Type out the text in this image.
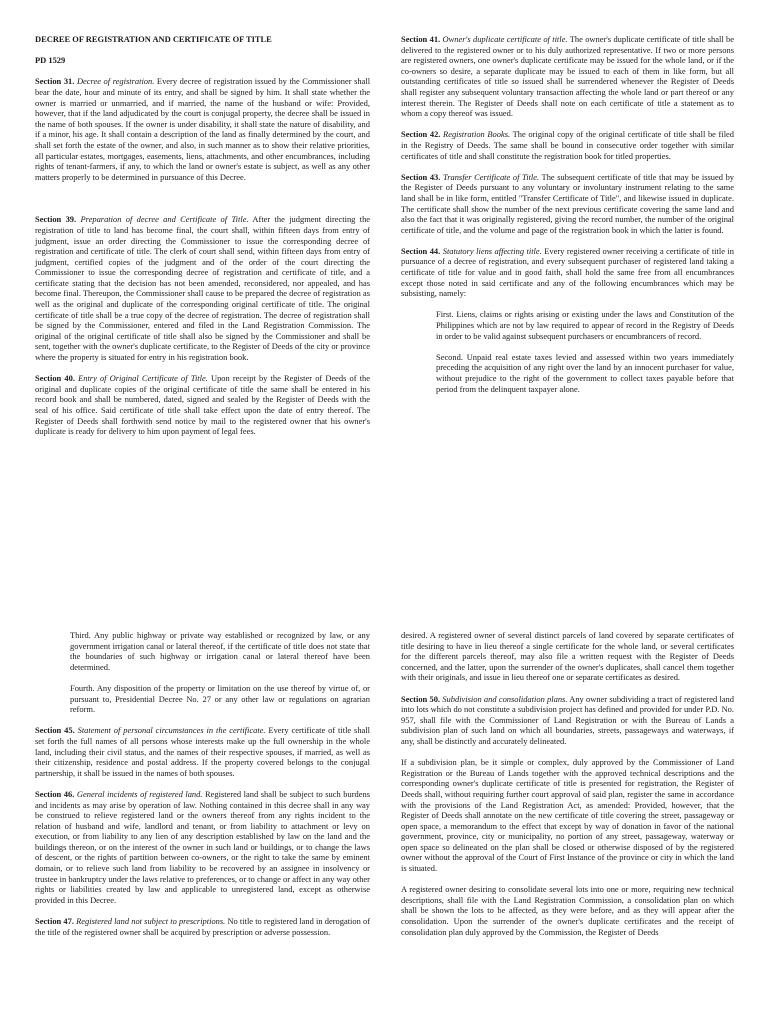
DECREE OF REGISTRATION AND CERTIFICATE OF TITLE
PD 1529

Section 31. Decree of registration. Every decree of registration issued by the Commissioner shall bear the date, hour and minute of its entry, and shall be signed by him. It shall state whether the owner is married or unmarried, and if married, the name of the husband or wife: Provided, however, that if the land adjudicated by the court is conjugal property, the decree shall be issued in the name of both spouses. If the owner is under disability, it shall state the nature of disability, and if a minor, his age. It shall contain a description of the land as finally determined by the court, and shall set forth the estate of the owner, and also, in such manner as to show their relative priorities, all particular estates, mortgages, easements, liens, attachments, and other encumbrances, including rights of tenant-farmers, if any, to which the land or owner's estate is subject, as well as any other matters properly to be determined in pursuance of this Decree.

Section 39. Preparation of decree and Certificate of Title. After the judgment directing the registration of title to land has become final, the court shall, within fifteen days from entry of judgment, issue an order directing the Commissioner to issue the corresponding decree of registration and certificate of title. The clerk of court shall send, within fifteen days from entry of judgment, certified copies of the judgment and of the order of the court directing the Commissioner to issue the corresponding decree of registration and certificate of title, and a certificate stating that the decision has not been amended, reconsidered, nor appealed, and has become final. Thereupon, the Commissioner shall cause to be prepared the decree of registration as well as the original and duplicate of the corresponding original certificate of title. The original certificate of title shall be a true copy of the decree of registration. The decree of registration shall be signed by the Commissioner, entered and filed in the Land Registration Commission. The original of the original certificate of title shall also be signed by the Commissioner and shall be sent, together with the owner's duplicate certificate, to the Register of Deeds of the city or province where the property is situated for entry in his registration book.

Section 40. Entry of Original Certificate of Title. Upon receipt by the Register of Deeds of the original and duplicate copies of the original certificate of title the same shall be entered in his record book and shall be numbered, dated, signed and sealed by the Register of Deeds with the seal of his office. Said certificate of title shall take effect upon the date of entry thereof. The Register of Deeds shall forthwith send notice by mail to the registered owner that his owner's duplicate is ready for delivery to him upon payment of legal fees.

Section 41. Owner's duplicate certificate of title. The owner's duplicate certificate of title shall be delivered to the registered owner or to his duly authorized representative. If two or more persons are registered owners, one owner's duplicate certificate may be issued for the whole land, or if the co-owners so desire, a separate duplicate may be issued to each of them in like form, but all outstanding certificates of title so issued shall be surrendered whenever the Register of Deeds shall register any subsequent voluntary transaction affecting the whole land or part thereof or any interest therein. The Register of Deeds shall note on each certificate of title a statement as to whom a copy thereof was issued.

Section 42. Registration Books. The original copy of the original certificate of title shall be filed in the Registry of Deeds. The same shall be bound in consecutive order together with similar certificates of title and shall constitute the registration book for titled properties.

Section 43. Transfer Certificate of Title. The subsequent certificate of title that may be issued by the Register of Deeds pursuant to any voluntary or involuntary instrument relating to the same land shall be in like form, entitled "Transfer Certificate of Title", and likewise issued in duplicate. The certificate shall show the number of the next previous certificate covering the same land and also the fact that it was originally registered, giving the record number, the number of the original certificate of title, and the volume and page of the registration book in which the latter is found.

Section 44. Statutory liens affecting title. Every registered owner receiving a certificate of title in pursuance of a decree of registration, and every subsequent purchaser of registered land taking a certificate of title for value and in good faith, shall hold the same free from all encumbrances except those noted in said certificate and any of the following encumbrances which may be subsisting, namely:

First. Liens, claims or rights arising or existing under the laws and Constitution of the Philippines which are not by law required to appear of record in the Registry of Deeds in order to be valid against subsequent purchasers or encumbrancers of record.

Second. Unpaid real estate taxes levied and assessed within two years immediately preceding the acquisition of any right over the land by an innocent purchaser for value, without prejudice to the right of the government to collect taxes payable before that period from the delinquent taxpayer alone.

Third. Any public highway or private way established or recognized by law, or any government irrigation canal or lateral thereof, if the certificate of title does not state that the boundaries of such highway or irrigation canal or lateral thereof have been determined.

Fourth. Any disposition of the property or limitation on the use thereof by virtue of, or pursuant to, Presidential Decree No. 27 or any other law or regulations on agrarian reform.

Section 45. Statement of personal circumstances in the certificate. Every certificate of title shall set forth the full names of all persons whose interests make up the full ownership in the whole land, including their civil status, and the names of their respective spouses, if married, as well as their citizenship, residence and postal address. If the property covered belongs to the conjugal partnership, it shall be issued in the names of both spouses.

Section 46. General incidents of registered land. Registered land shall be subject to such burdens and incidents as may arise by operation of law. Nothing contained in this decree shall in any way be construed to relieve registered land or the owners thereof from any rights incident to the relation of husband and wife, landlord and tenant, or from liability to attachment or levy on execution, or from liability to any lien of any description established by law on the land and the buildings thereon, or on the interest of the owner in such land or buildings, or to change the laws of descent, or the rights of partition between co-owners, or the right to take the same by eminent domain, or to relieve such land from liability to be recovered by an assignee in insolvency or trustee in bankruptcy under the laws relative to preferences, or to change or affect in any way other rights or liabilities created by law and applicable to unregistered land, except as otherwise provided in this Decree.

Section 47. Registered land not subject to prescriptions. No title to registered land in derogation of the title of the registered owner shall be acquired by prescription or adverse possession.

desired. A registered owner of several distinct parcels of land covered by separate certificates of title desiring to have in lieu thereof a single certificate for the whole land, or several certificates for the different parcels thereof, may also file a written request with the Register of Deeds concerned, and the latter, upon the surrender of the owner's duplicates, shall cancel them together with their originals, and issue in lieu thereof one or separate certificates as desired.

Section 50. Subdivision and consolidation plans. Any owner subdividing a tract of registered land into lots which do not constitute a subdivision project has defined and provided for under P.D. No. 957, shall file with the Commissioner of Land Registration or with the Bureau of Lands a subdivision plan of such land on which all boundaries, streets, passageways and waterways, if any, shall be distinctly and accurately delineated.

If a subdivision plan, be it simple or complex, duly approved by the Commissioner of Land Registration or the Bureau of Lands together with the approved technical descriptions and the corresponding owner's duplicate certificate of title is presented for registration, the Register of Deeds shall, without requiring further court approval of said plan, register the same in accordance with the provisions of the Land Registration Act, as amended: Provided, however, that the Register of Deeds shall annotate on the new certificate of title covering the street, passageway or open space, a memorandum to the effect that except by way of donation in favor of the national government, province, city or municipality, no portion of any street, passageway, waterway or open space so delineated on the plan shall be closed or otherwise disposed of by the registered owner without the approval of the Court of First Instance of the province or city in which the land is situated.

A registered owner desiring to consolidate several lots into one or more, requiring new technical descriptions, shall file with the Land Registration Commission, a consolidation plan on which shall be shown the lots to be affected, as they were before, and as they will appear after the consolidation. Upon the surrender of the owner's duplicate certificates and the receipt of consolidation plan duly approved by the Commission, the Register of Deeds
